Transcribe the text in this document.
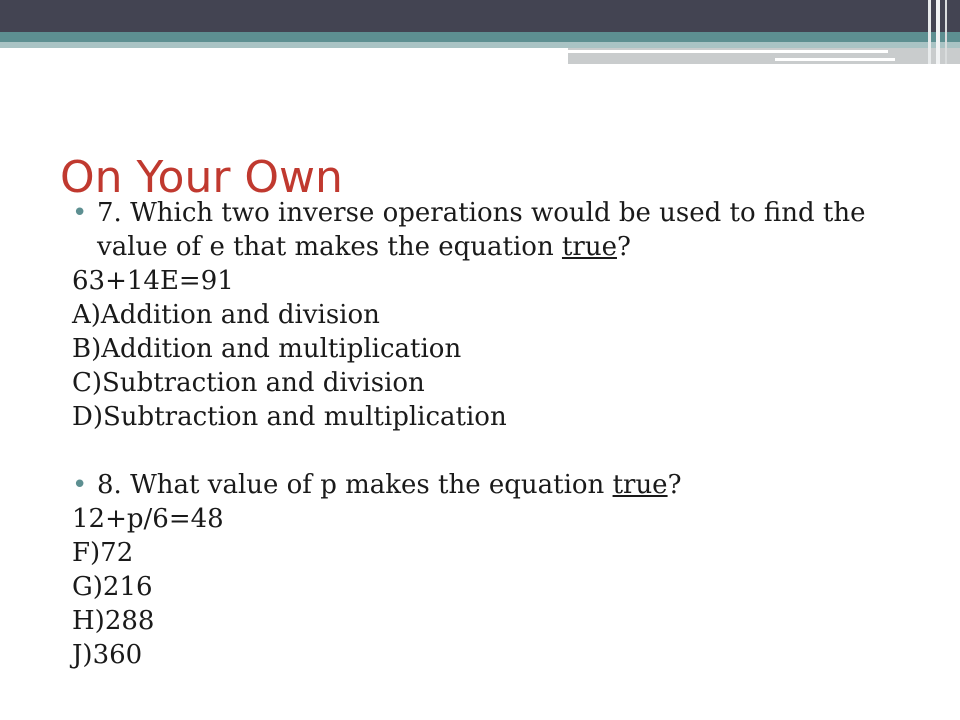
On Your Own
• 7. Which two inverse operations would be used to find the value of e that makes the equation true?
63+14E=91
A)Addition and division
B)Addition and multiplication
C)Subtraction and division
D)Subtraction and multiplication
• 8. What value of p makes the equation true?
12+p/6=48
F)72
G)216
H)288
J)360
